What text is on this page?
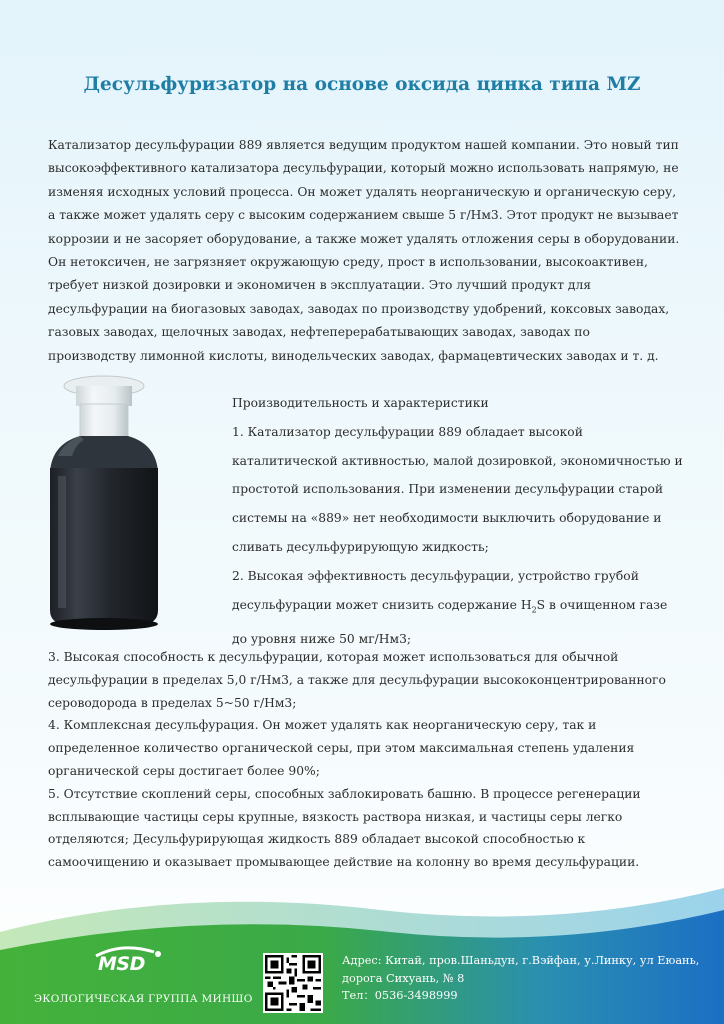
Десульфуризатор на основе оксида цинка типа MZ

Катализатор десульфурации 889 является ведущим продуктом нашей компании. Это новый тип высокоэффективного катализатора десульфурации, который можно использовать напрямую, не изменяя исходных условий процесса. Он может удалять неорганическую и органическую серу, а также может удалять серу с высоким содержанием свыше 5 г/Нм3. Этот продукт не вызывает коррозии и не засоряет оборудование, а также может удалять отложения серы в оборудовании. Он нетоксичен, не загрязняет окружающую среду, прост в использовании, высокоактивен, требует низкой дозировки и экономичен в эксплуатации. Это лучший продукт для десульфурации на биогазовых заводах, заводах по производству удобрений, коксовых заводах, газовых заводах, щелочных заводах, нефтеперерабатывающих заводах, заводах по производству лимонной кислоты, винодельческих заводах, фармацевтических заводах и т. д.

Производительность и характеристики

1. Катализатор десульфурации 889 обладает высокой каталитической активностью, малой дозировкой, экономичностью и простотой использования. При изменении десульфурации старой системы на «889» нет необходимости выключить оборудование и сливать десульфурирующую жидкость;

2. Высокая эффективность десульфурации, устройство грубой десульфурации может снизить содержание $H_2S$ в очищенном газе до уровня ниже 50 мг/Нм3;

3. Высокая способность к десульфурации, которая может использоваться для обычной десульфурации в пределах 5,0 г/Нм3, а также для десульфурации высококонцентрированного сероводорода в пределах 5~50 г/Нм3;

4. Комплексная десульфурация. Он может удалять как неорганическую серу, так и определенное количество органической серы, при этом максимальная степень удаления органической серы достигает более 90%;

5. Отсутствие скоплений серы, способных заблокировать башню. В процессе регенерации всплывающие частицы серы крупные, вязкость раствора низкая, и частицы серы легко отделяются; Десульфурирующая жидкость 889 обладает высокой способностью к самоочищению и оказывает промывающее действие на колонну во время десульфурации.

MSD
ЭКОЛОГИЧЕСКАЯ ГРУППА МИНШО
Адрес: Китай, пров.Шаньдун, г.Вэйфан, у.Линку, ул Еюань,
дорога Сихуань, № 8
Тел：0536-3498999
